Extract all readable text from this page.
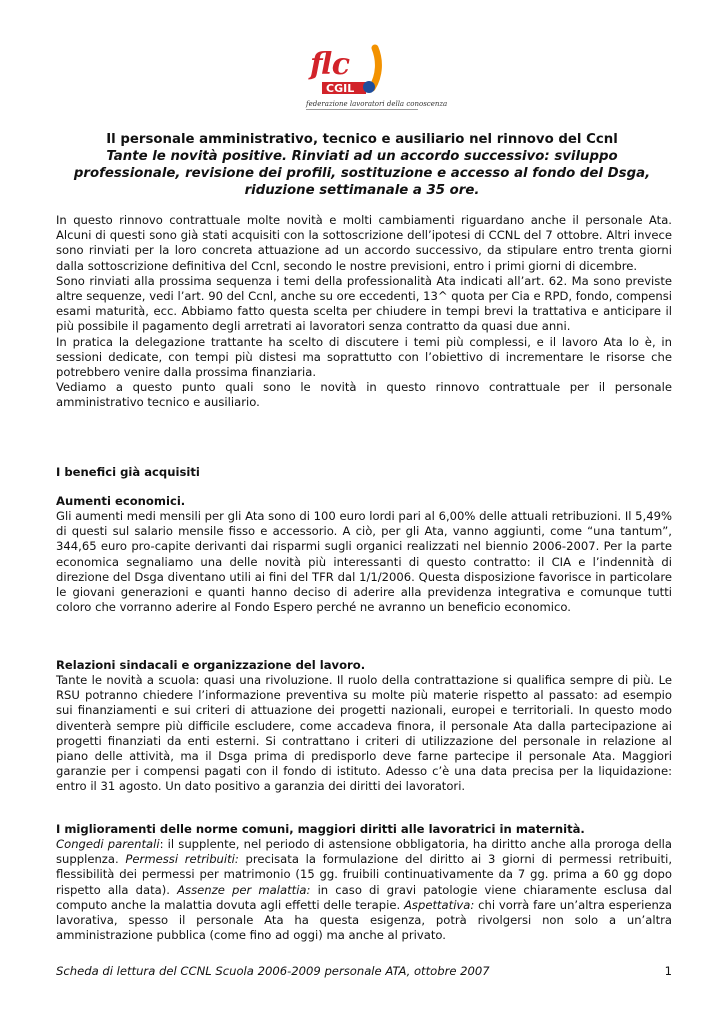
flc
CGIL
federazione lavoratori della conoscenza
Il personale amministrativo, tecnico e ausiliario nel rinnovo del Ccnl
Tante le novità positive. Rinviati ad un accordo successivo: sviluppo professionale, revisione dei profili, sostituzione e accesso al fondo del Dsga, riduzione settimanale a 35 ore.

In questo rinnovo contrattuale molte novità e molti cambiamenti riguardano anche il personale Ata. Alcuni di questi sono già stati acquisiti con la sottoscrizione dell’ipotesi di CCNL del 7 ottobre. Altri invece sono rinviati per la loro concreta attuazione ad un accordo successivo, da stipulare entro trenta giorni dalla sottoscrizione definitiva del Ccnl, secondo le nostre previsioni, entro i primi giorni di dicembre.

Sono rinviati alla prossima sequenza i temi della professionalità Ata indicati all’art. 62. Ma sono previste altre sequenze, vedi l’art. 90 del Ccnl, anche su ore eccedenti, 13^ quota per Cia e RPD, fondo, compensi esami maturità, ecc. Abbiamo fatto questa scelta per chiudere in tempi brevi la trattativa e anticipare il più possibile il pagamento degli arretrati ai lavoratori senza contratto da quasi due anni.

In pratica la delegazione trattante ha scelto di discutere i temi più complessi, e il lavoro Ata lo è, in sessioni dedicate, con tempi più distesi ma soprattutto con l’obiettivo di incrementare le risorse che potrebbero venire dalla prossima finanziaria.

Vediamo a questo punto quali sono le novità in questo rinnovo contrattuale per il personale amministrativo tecnico e ausiliario.

I benefici già acquisiti
Aumenti economici.
Gli aumenti medi mensili per gli Ata sono di 100 euro lordi pari al 6,00% delle attuali retribuzioni. Il 5,49% di questi sul salario mensile fisso e accessorio. A ciò, per gli Ata, vanno aggiunti, come “una tantum”, 344,65 euro pro-capite derivanti dai risparmi sugli organici realizzati nel biennio 2006-2007. Per la parte economica segnaliamo una delle novità più interessanti di questo contratto: il CIA e l’indennità di direzione del Dsga diventano utili ai fini del TFR dal 1/1/2006. Questa disposizione favorisce in particolare le giovani generazioni e quanti hanno deciso di aderire alla previdenza integrativa e comunque tutti coloro che vorranno aderire al Fondo Espero perché ne avranno un beneficio economico.
Relazioni sindacali e organizzazione del lavoro.
Tante le novità a scuola: quasi una rivoluzione. Il ruolo della contrattazione si qualifica sempre di più. Le RSU potranno chiedere l’informazione preventiva su molte più materie rispetto al passato: ad esempio sui finanziamenti e sui criteri di attuazione dei progetti nazionali, europei e territoriali. In questo modo diventerà sempre più difficile escludere, come accadeva finora, il personale Ata dalla partecipazione ai progetti finanziati da enti esterni. Si contrattano i criteri di utilizzazione del personale in relazione al piano delle attività, ma il Dsga prima di predisporlo deve farne partecipe il personale Ata. Maggiori garanzie per i compensi pagati con il fondo di istituto. Adesso c’è una data precisa per la liquidazione: entro il 31 agosto. Un dato positivo a garanzia dei diritti dei lavoratori.
I miglioramenti delle norme comuni, maggiori diritti alle lavoratrici in maternità.
Congedi parentali: il supplente, nel periodo di astensione obbligatoria, ha diritto anche alla proroga della supplenza. Permessi retribuiti: precisata la formulazione del diritto ai 3 giorni di permessi retribuiti, flessibilità dei permessi per matrimonio (15 gg. fruibili continuativamente da 7 gg. prima a 60 gg dopo rispetto alla data). Assenze per malattia: in caso di gravi patologie viene chiaramente esclusa dal computo anche la malattia dovuta agli effetti delle terapie. Aspettativa: chi vorrà fare un’altra esperienza lavorativa, spesso il personale Ata ha questa esigenza, potrà rivolgersi non solo a un’altra amministrazione pubblica (come fino ad oggi) ma anche al privato.
Scheda di lettura del CCNL Scuola 2006-2009 personale ATA, ottobre 2007	1
